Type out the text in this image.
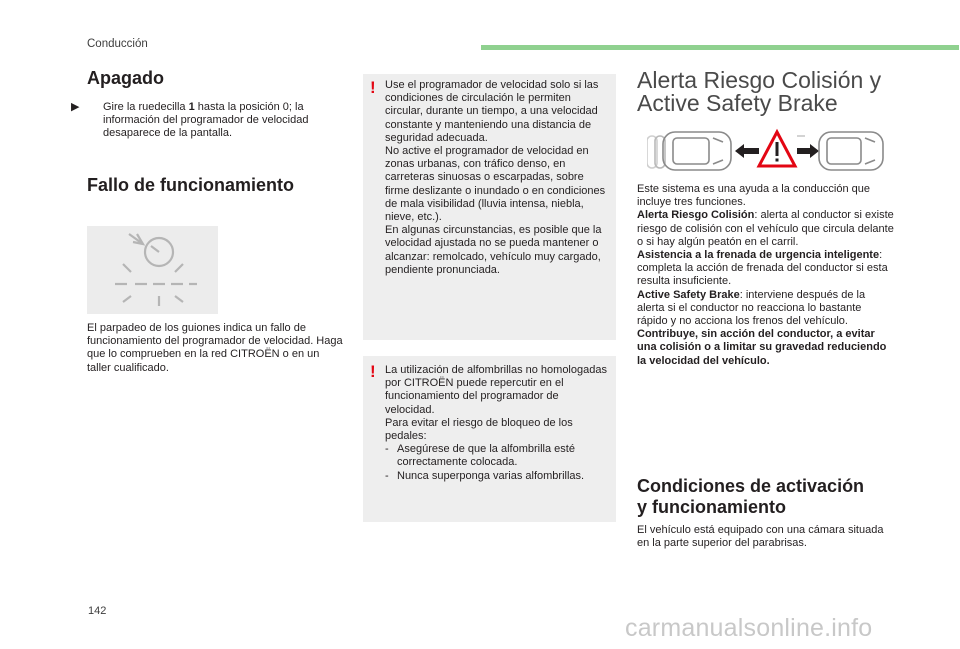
Conducción
Apagado
▶ Gire la ruedecilla 1 hasta la posición 0; la información del programador de velocidad desaparece de la pantalla.
Fallo de funcionamiento
El parpadeo de los guiones indica un fallo de funcionamiento del programador de velocidad. Haga que lo comprueben en la red CITROËN o en un taller cualificado.
! Use el programador de velocidad solo si las condiciones de circulación le permiten circular, durante un tiempo, a una velocidad constante y manteniendo una distancia de seguridad adecuada.

No active el programador de velocidad en zonas urbanas, con tráfico denso, en carreteras sinuosas o escarpadas, sobre firme deslizante o inundado o en condiciones de mala visibilidad (lluvia intensa, niebla, nieve, etc.).

En algunas circunstancias, es posible que la velocidad ajustada no se pueda mantener o alcanzar: remolcado, vehículo muy cargado, pendiente pronunciada.

! La utilización de alfombrillas no homologadas por CITROËN puede repercutir en el funcionamiento del programador de velocidad.

Para evitar el riesgo de bloqueo de los pedales:

- Asegúrese de que la alfombrilla esté correctamente colocada.

- Nunca superponga varias alfombrillas.

Alerta Riesgo Colisión y
Active Safety Brake

Este sistema es una ayuda a la conducción que incluye tres funciones.

Alerta Riesgo Colisión: alerta al conductor si existe riesgo de colisión con el vehículo que circula delante o si hay algún peatón en el carril.

Asistencia a la frenada de urgencia inteligente: completa la acción de frenada del conductor si esta resulta insuficiente.

Active Safety Brake: interviene después de la alerta si el conductor no reacciona lo bastante rápido y no acciona los frenos del vehículo.

Contribuye, sin acción del conductor, a evitar una colisión o a limitar su gravedad reduciendo la velocidad del vehículo.

Condiciones de activación
y funcionamiento
El vehículo está equipado con una cámara situada en la parte superior del parabrisas.
142
carmanualsonline.info
